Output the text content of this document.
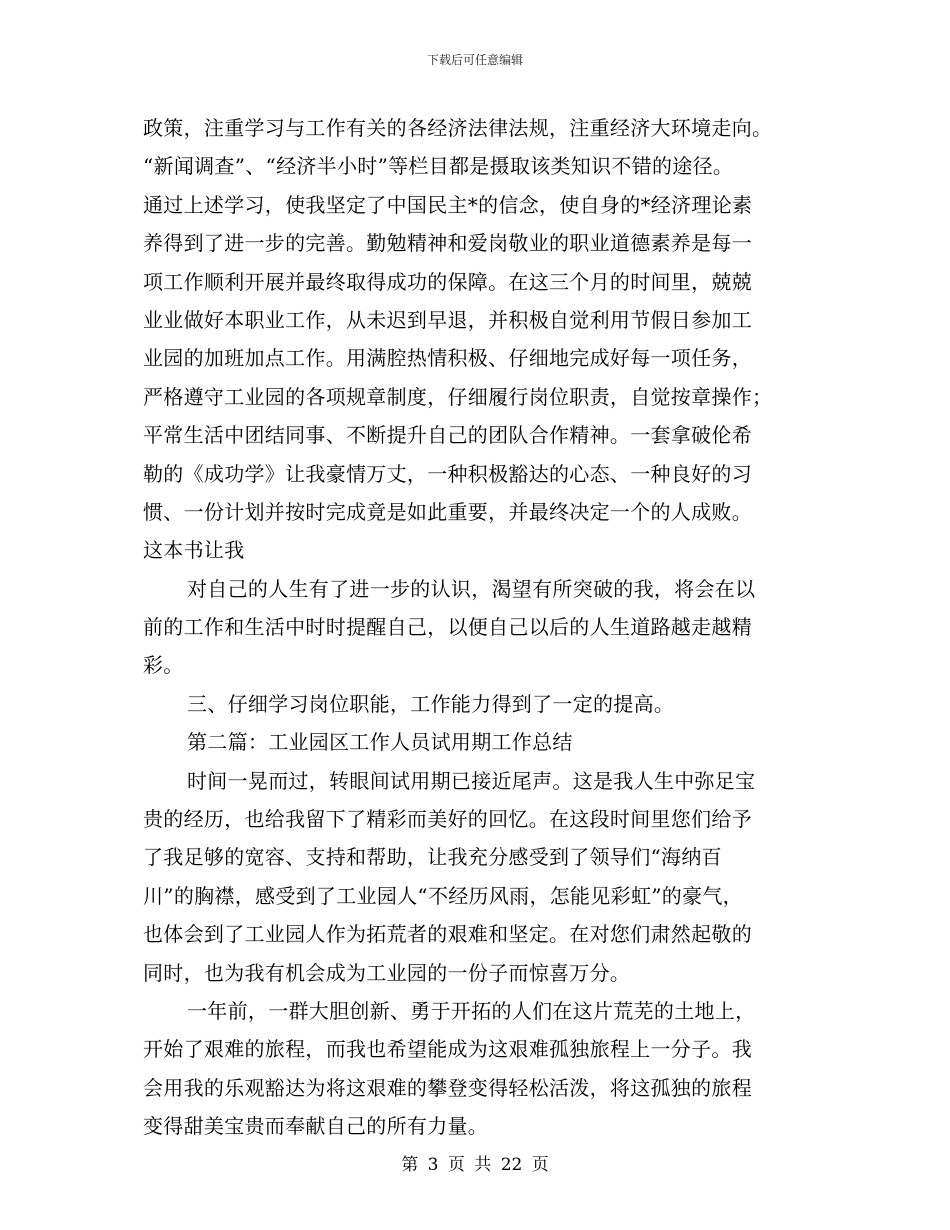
下载后可任意编辑
政策，注重学习与工作有关的各经济法律法规，注重经济大环境走向。
“新闻调查”、“经济半小时”等栏目都是摄取该类知识不错的途径。
通过上述学习，使我坚定了中国民主*的信念，使自身的*经济理论素
养得到了进一步的完善。勤勉精神和爱岗敬业的职业道德素养是每一
项工作顺利开展并最终取得成功的保障。在这三个月的时间里，兢兢
业业做好本职业工作，从未迟到早退，并积极自觉利用节假日参加工
业园的加班加点工作。用满腔热情积极、仔细地完成好每一项任务，
严格遵守工业园的各项规章制度，仔细履行岗位职责，自觉按章操作；
平常生活中团结同事、不断提升自己的团队合作精神。一套拿破伦希
勒的《成功学》让我豪情万丈，一种积极豁达的心态、一种良好的习
惯、一份计划并按时完成竟是如此重要，并最终决定一个的人成败。
这本书让我
对自己的人生有了进一步的认识，渴望有所突破的我，将会在以
前的工作和生活中时时提醒自己，以便自己以后的人生道路越走越精
彩。
三、仔细学习岗位职能，工作能力得到了一定的提高。
第二篇：工业园区工作人员试用期工作总结
时间一晃而过，转眼间试用期已接近尾声。这是我人生中弥足宝
贵的经历，也给我留下了精彩而美好的回忆。在这段时间里您们给予
了我足够的宽容、支持和帮助，让我充分感受到了领导们“海纳百
川”的胸襟，感受到了工业园人“不经历风雨，怎能见彩虹”的豪气，
也体会到了工业园人作为拓荒者的艰难和坚定。在对您们肃然起敬的
同时，也为我有机会成为工业园的一份子而惊喜万分。
一年前，一群大胆创新、勇于开拓的人们在这片荒芜的土地上，
开始了艰难的旅程，而我也希望能成为这艰难孤独旅程上一分子。我
会用我的乐观豁达为将这艰难的攀登变得轻松活泼，将这孤独的旅程
变得甜美宝贵而奉献自己的所有力量。
第 3 页 共 22 页
